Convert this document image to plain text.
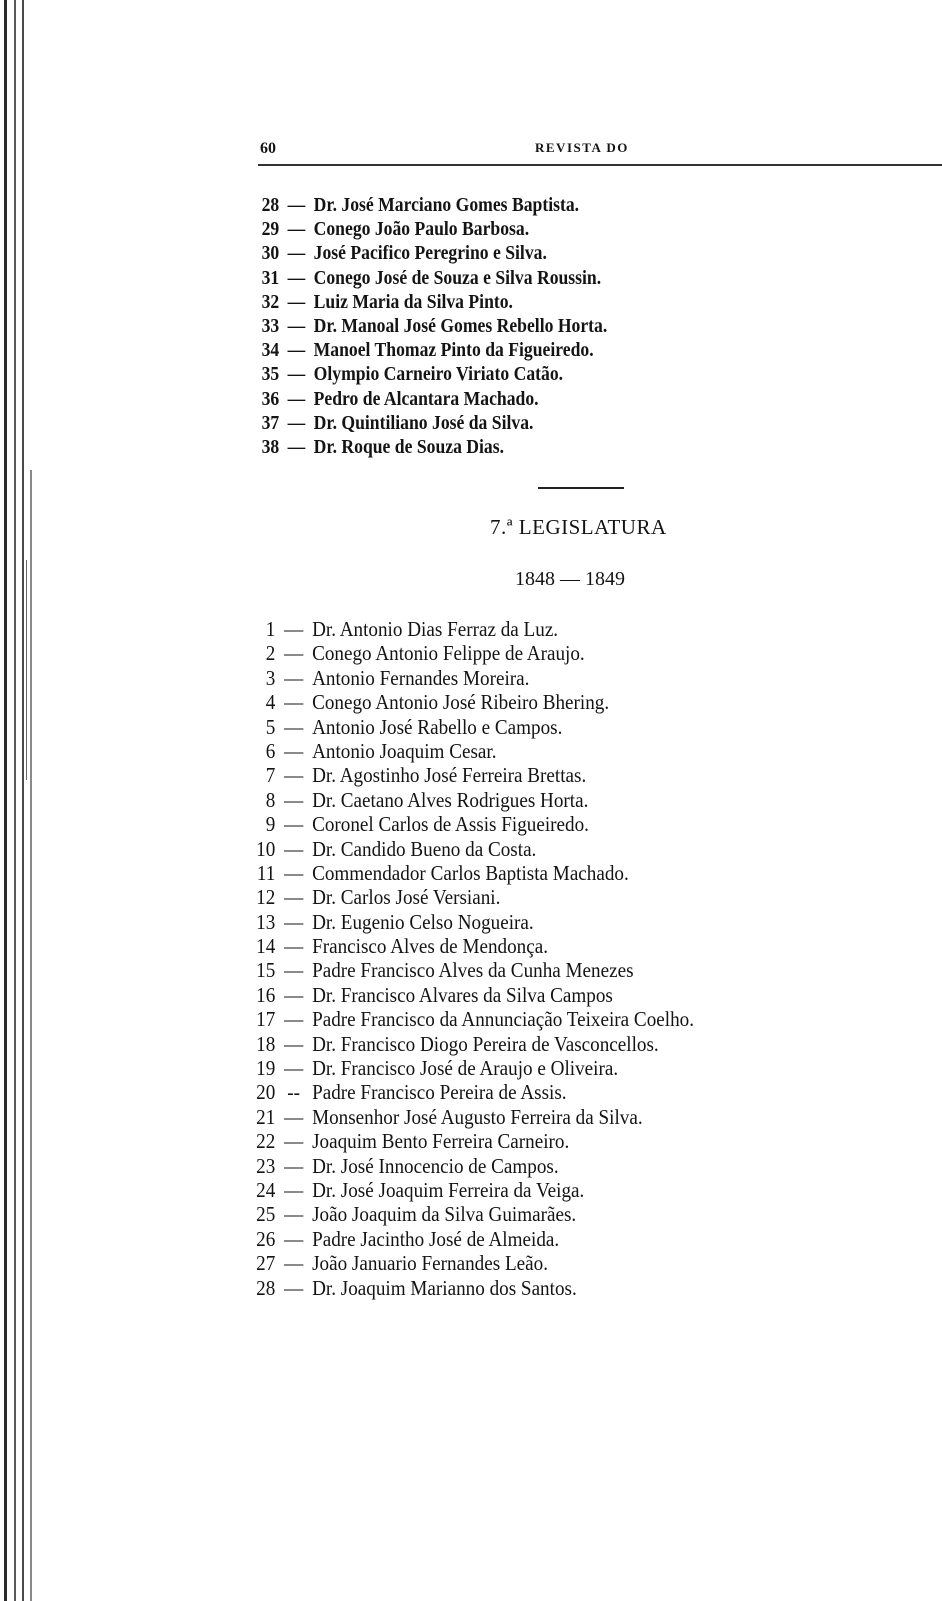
60	REVISTA DO
28 — Dr. José Marciano Gomes Baptista.
29 — Conego João Paulo Barbosa.
30 — José Pacifico Peregrino e Silva.
31 — Conego José de Souza e Silva Roussin.
32 — Luiz Maria da Silva Pinto.
33 — Dr. Manoal José Gomes Rebello Horta.
34 — Manoel Thomaz Pinto da Figueiredo.
35 — Olympio Carneiro Viriato Catão.
36 — Pedro de Alcantara Machado.
37 — Dr. Quintiliano José da Silva.
38 — Dr. Roque de Souza Dias.
7.ª LEGISLATURA
1848 — 1849
1 — Dr. Antonio Dias Ferraz da Luz.
2 — Conego Antonio Felippe de Araujo.
3 — Antonio Fernandes Moreira.
4 — Conego Antonio José Ribeiro Bhering.
5 — Antonio José Rabello e Campos.
6 — Antonio Joaquim Cesar.
7 — Dr. Agostinho José Ferreira Brettas.
8 — Dr. Caetano Alves Rodrigues Horta.
9 — Coronel Carlos de Assis Figueiredo.
10 — Dr. Candido Bueno da Costa.
11 — Commendador Carlos Baptista Machado.
12 — Dr. Carlos José Versiani.
13 — Dr. Eugenio Celso Nogueira.
14 — Francisco Alves de Mendonça.
15 — Padre Francisco Alves da Cunha Menezes
16 — Dr. Francisco Alvares da Silva Campos
17 — Padre Francisco da Annunciação Teixeira Coelho.
18 — Dr. Francisco Diogo Pereira de Vasconcellos.
19 — Dr. Francisco José de Araujo e Oliveira.
20 -- Padre Francisco Pereira de Assis.
21 — Monsenhor José Augusto Ferreira da Silva.
22 — Joaquim Bento Ferreira Carneiro.
23 — Dr. José Innocencio de Campos.
24 — Dr. José Joaquim Ferreira da Veiga.
25 — João Joaquim da Silva Guimarães.
26 — Padre Jacintho José de Almeida.
27 — João Januario Fernandes Leão.
28 — Dr. Joaquim Marianno dos Santos.
